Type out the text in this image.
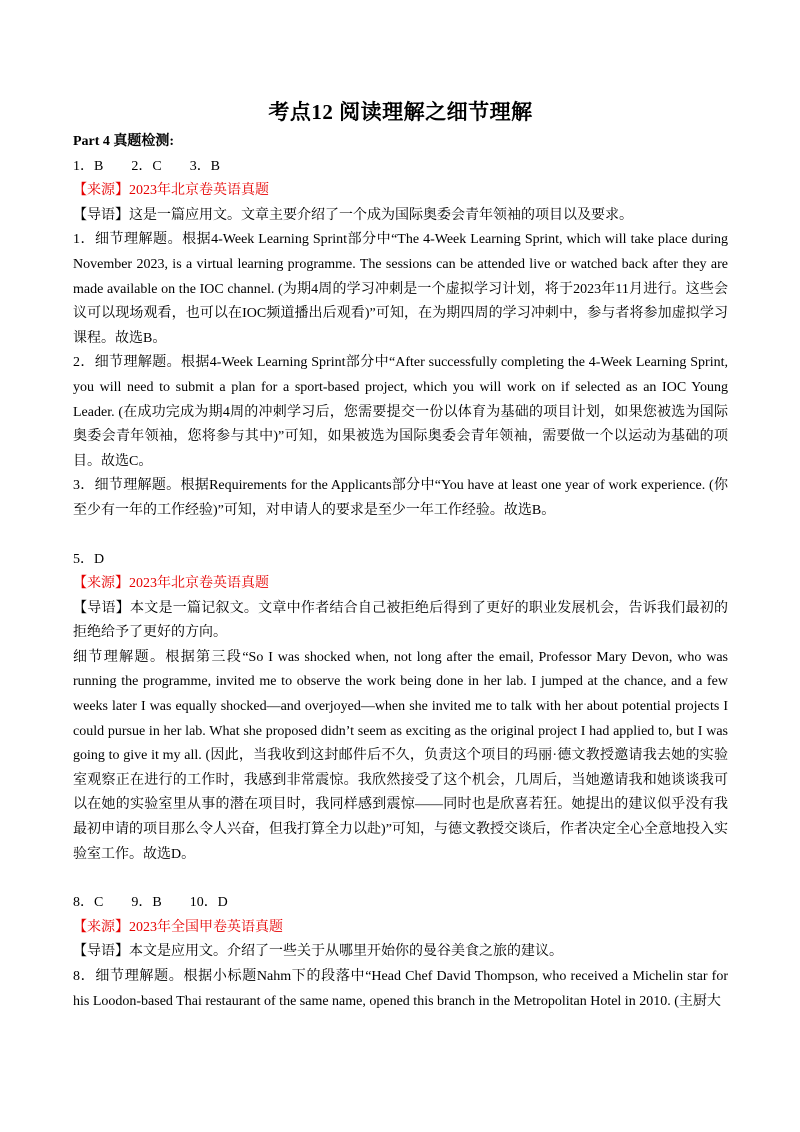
考点12 阅读理解之细节理解

Part 4 真题检测:

1．B 2．C 3．B

【来源】2023年北京卷英语真题

【导语】这是一篇应用文。文章主要介绍了一个成为国际奥委会青年领袖的项目以及要求。

1．细节理解题。根据4-Week Learning Sprint部分中“The 4-Week Learning Sprint, which will take place during November 2023, is a virtual learning programme. The sessions can be attended live or watched back after they are made available on the IOC channel. (为期4周的学习冲刺是一个虚拟学习计划，将于2023年11月进行。这些会议可以现场观看，也可以在IOC频道播出后观看)”可知，在为期四周的学习冲刺中，参与者将参加虚拟学习课程。故选B。

2．细节理解题。根据4-Week Learning Sprint部分中“After successfully completing the 4-Week Learning Sprint, you will need to submit a plan for a sport‐based project, which you will work on if selected as an IOC Young Leader. (在成功完成为期4周的冲刺学习后，您需要提交一份以体育为基础的项目计划，如果您被选为国际奥委会青年领袖，您将参与其中)”可知，如果被选为国际奥委会青年领袖，需要做一个以运动为基础的项目。故选C。

3．细节理解题。根据Requirements for the Applicants部分中“You have at least one year of work experience. (你至少有一年的工作经验)”可知，对申请人的要求是至少一年工作经验。故选B。

5．D

【来源】2023年北京卷英语真题

【导语】本文是一篇记叙文。文章中作者结合自己被拒绝后得到了更好的职业发展机会，告诉我们最初的拒绝给予了更好的方向。

细节理解题。根据第三段“So I was shocked when, not long after the email, Professor Mary Devon, who was running the programme, invited me to observe the work being done in her lab. I jumped at the chance, and a few weeks later I was equally shocked—and overjoyed—when she invited me to talk with her about potential projects I could pursue in her lab. What she proposed didn’t seem as exciting as the original project I had applied to, but I was going to give it my all. (因此，当我收到这封邮件后不久，负责这个项目的玛丽·德文教授邀请我去她的实验室观察正在进行的工作时，我感到非常震惊。我欣然接受了这个机会，几周后，当她邀请我和她谈谈我可以在她的实验室里从事的潜在项目时，我同样感到震惊——同时也是欣喜若狂。她提出的建议似乎没有我最初申请的项目那么令人兴奋，但我打算全力以赴)”可知，与德文教授交谈后，作者决定全心全意地投入实验室工作。故选D。

8．C 9．B 10．D

【来源】2023年全国甲卷英语真题

【导语】本文是应用文。介绍了一些关于从哪里开始你的曼谷美食之旅的建议。

8．细节理解题。根据小标题Nahm下的段落中“Head Chef David Thompson, who received a Michelin star for his Loodon-based Thai restaurant of the same name, opened this branch in the Metropolitan Hotel in 2010. (主厨大
